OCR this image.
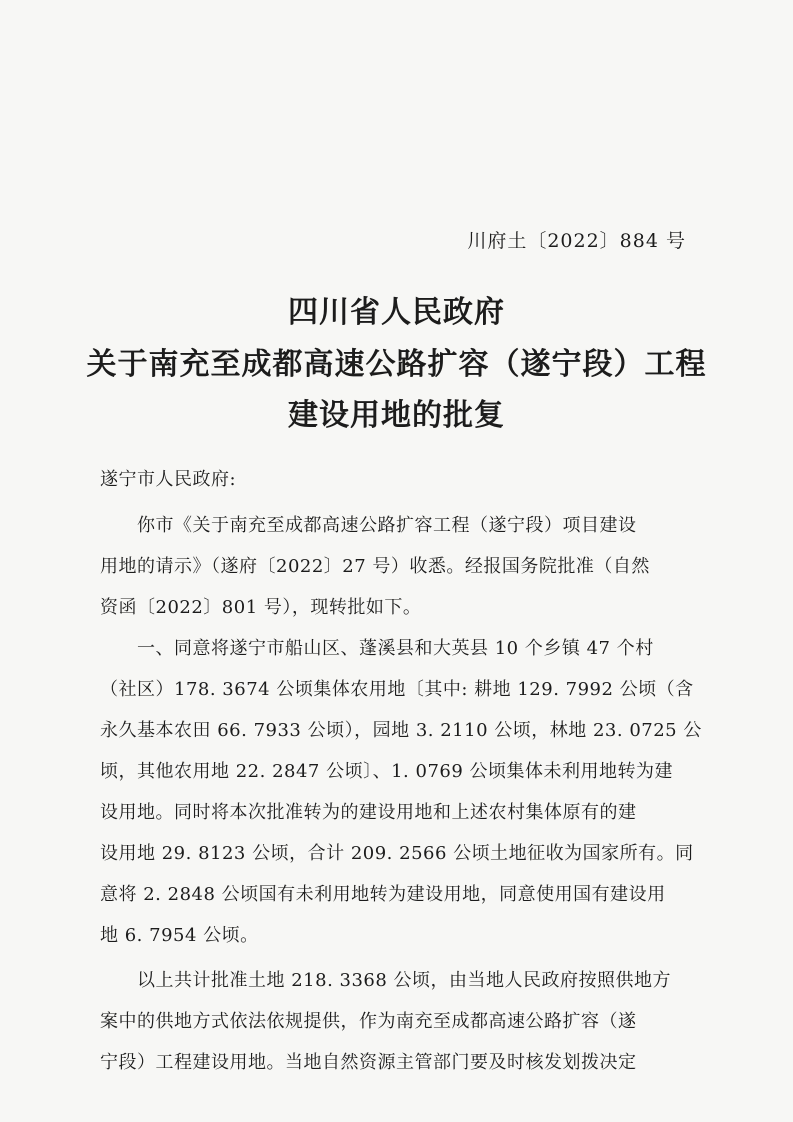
川府土〔2022〕884 号
四川省人民政府
关于南充至成都高速公路扩容（遂宁段）工程
建设用地的批复
遂宁市人民政府:
你市《关于南充至成都高速公路扩容工程（遂宁段）项目建设
用地的请示》（遂府〔2022〕27 号）收悉。经报国务院批准（自然
资函〔2022〕801 号），现转批如下。
一、同意将遂宁市船山区、蓬溪县和大英县 10 个乡镇 47 个村
（社区）178. 3674 公顷集体农用地〔其中: 耕地 129. 7992 公顷（含
永久基本农田 66. 7933 公顷），园地 3. 2110 公顷，林地 23. 0725 公
顷，其他农用地 22. 2847 公顷〕、1. 0769 公顷集体未利用地转为建
设用地。同时将本次批准转为的建设用地和上述农村集体原有的建
设用地 29. 8123 公顷，合计 209. 2566 公顷土地征收为国家所有。同
意将 2. 2848 公顷国有未利用地转为建设用地，同意使用国有建设用
地 6. 7954 公顷。
以上共计批准土地 218. 3368 公顷，由当地人民政府按照供地方
案中的供地方式依法依规提供，作为南充至成都高速公路扩容（遂
宁段）工程建设用地。当地自然资源主管部门要及时核发划拨决定
